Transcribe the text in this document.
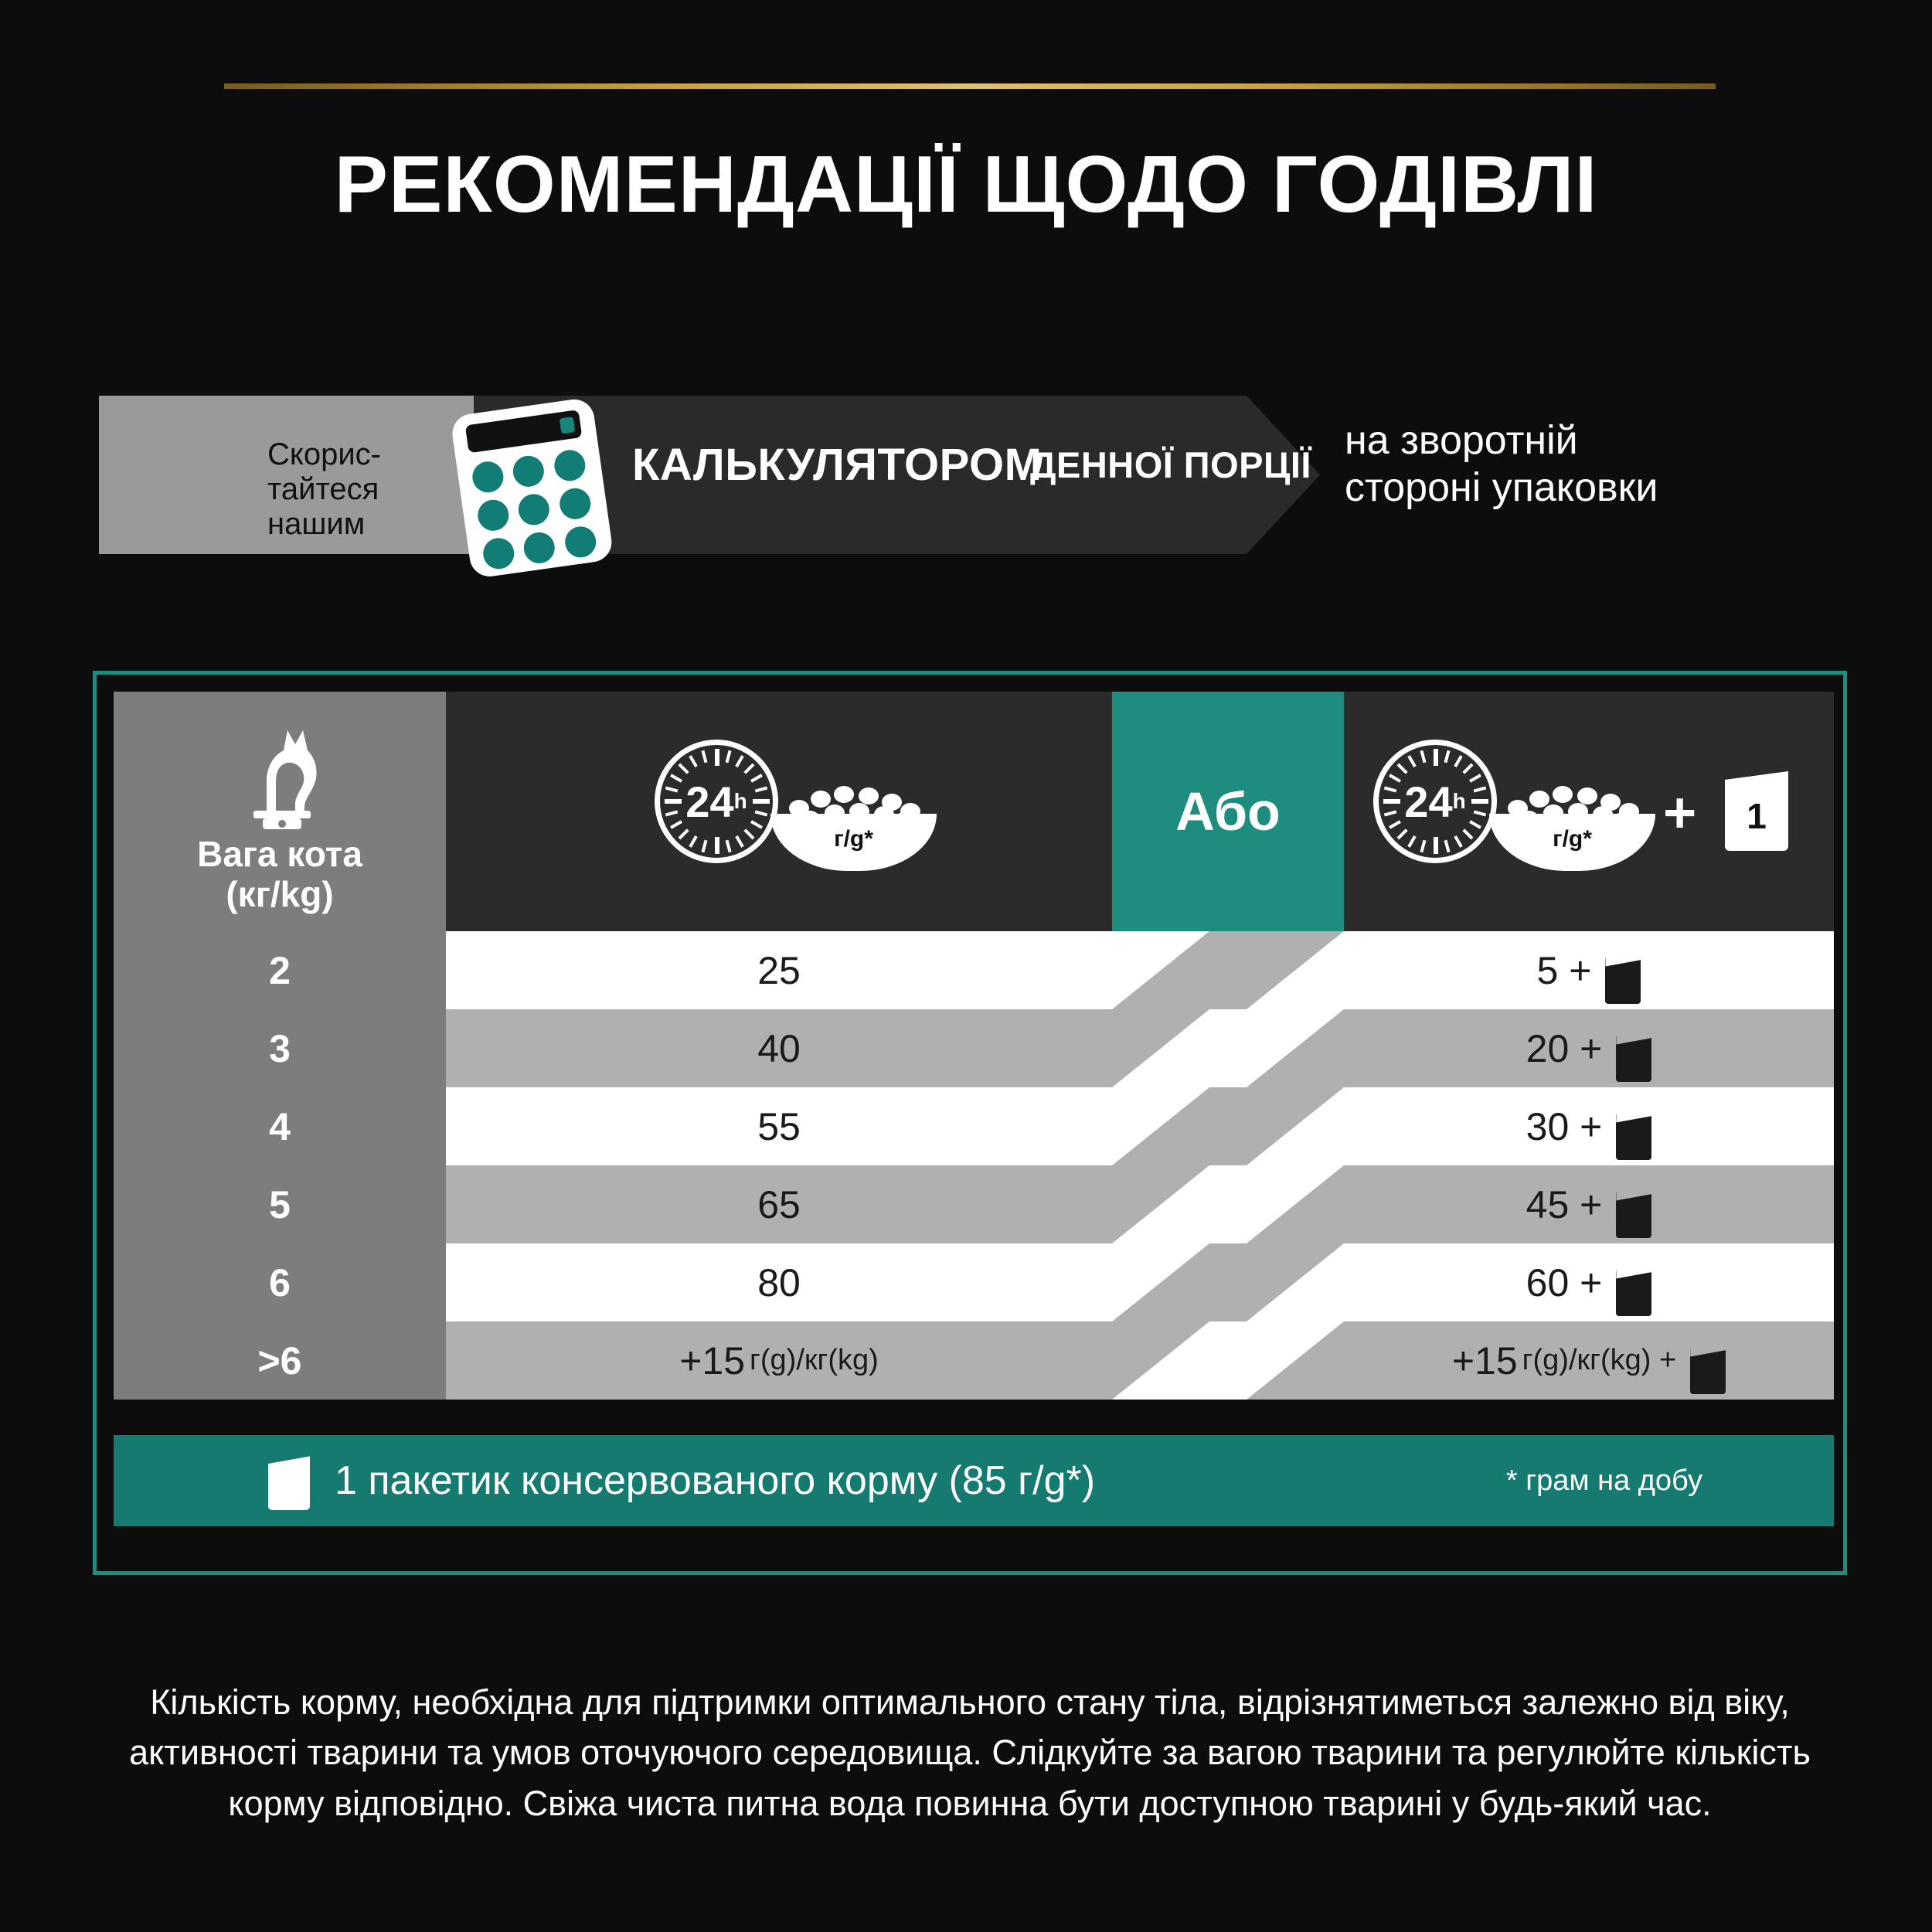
РЕКОМЕНДАЦІЇ ЩОДО ГОДІВЛІ
Скорис-
тайтеся
нашим
КАЛЬКУЛЯТОРОМ
ДЕННОЇ ПОРЦІЇ
на зворотній
стороні упаковки
Вага кота
(кг/kg)
24 h
г/g*	Або	24 h
г/g* +	1
2	25	5 +
3	40	20 +
4	55	30 +
5	65	45 +
6	80	60 +
>6	+15 г(g)/кг(kg)	+15 г(g)/кг(kg) +
1 пакетик консервованого корму (85 г/g*)	* грам на добу
Кількість корму, необхідна для підтримки оптимального стану тіла, відрізнятиметься залежно від віку, активності тварини та умов оточуючого середовища. Слідкуйте за вагою тварини та регулюйте кількість корму відповідно. Свіжа чиста питна вода повинна бути доступною тварині у будь-який час.
